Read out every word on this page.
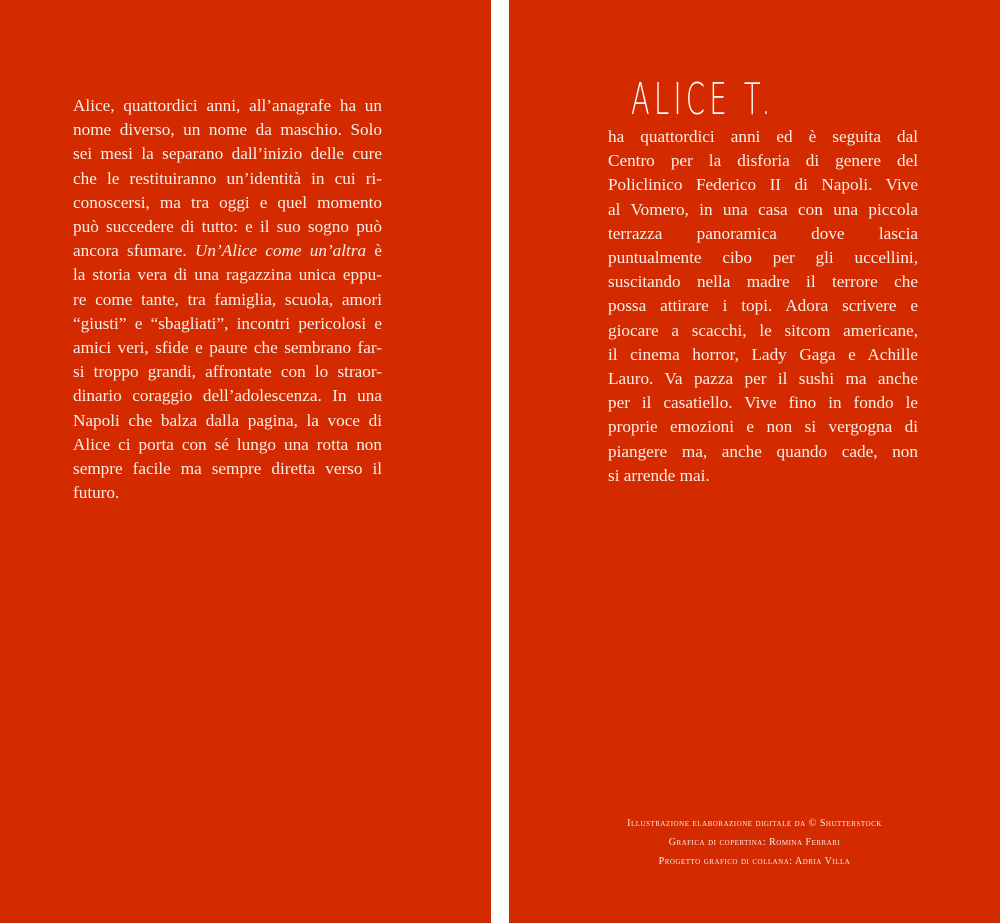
Alice, quattordici anni, all’anagrafe ha un
nome diverso, un nome da maschio. Solo
sei mesi la separano dall’inizio delle cure
che le restituiranno un’identità in cui ri-
conoscersi, ma tra oggi e quel momento
può succedere di tutto: e il suo sogno può
ancora sfumare. Un’Alice come un’altra è
la storia vera di una ragazzina unica eppu-
re come tante, tra famiglia, scuola, amori
“giusti” e “sbagliati”, incontri pericolosi e
amici veri, sfide e paure che sembrano far-
si troppo grandi, affrontate con lo straor-
dinario coraggio dell’adolescenza. In una
Napoli che balza dalla pagina, la voce di
Alice ci porta con sé lungo una rotta non
sempre facile ma sempre diretta verso il
futuro.
ALICE T.
ha quattordici anni ed è seguita dal
Centro per la disforia di genere del
Policlinico Federico II di Napoli. Vive
al Vomero, in una casa con una piccola
terrazza panoramica dove lascia
puntualmente cibo per gli uccellini,
suscitando nella madre il terrore che
possa attirare i topi. Adora scrivere e
giocare a scacchi, le sitcom americane,
il cinema horror, Lady Gaga e Achille
Lauro. Va pazza per il sushi ma anche
per il casatiello. Vive fino in fondo le
proprie emozioni e non si vergogna di
piangere ma, anche quando cade, non
si arrende mai.
Illustrazione elaborazione digitale da © Shutterstock
Grafica di copertina: Romina Ferrari
Progetto grafico di collana: Adria Villa
